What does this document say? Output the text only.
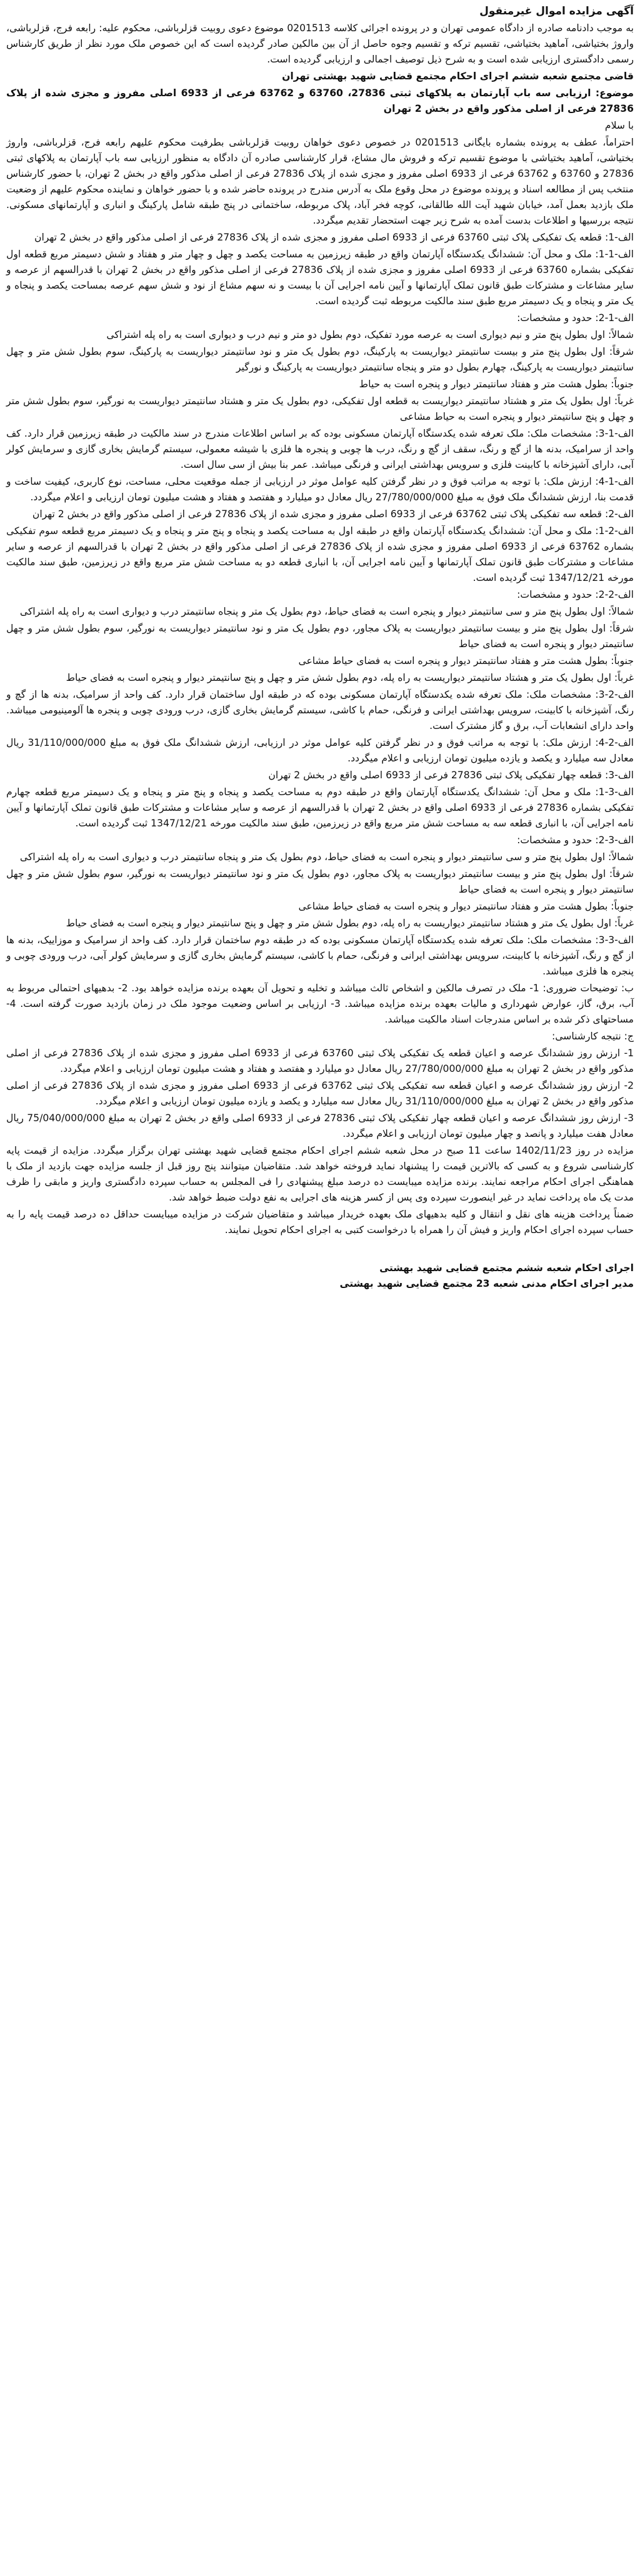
آگهی مزایده اموال غیرمنقول
به موجب دادنامه صادره از دادگاه عمومی تهران و در پرونده اجرائی کلاسه 0201513 موضوع دعوی روبیت قزلرباشی، محکوم علیه: رابعه فرج، قزلرباشی، واروژ بختیاشی، آماهید بختیاشی، تقسیم ترکه و تقسیم وجوه حاصل از آن بین مالکین صادر گردیده است که این خصوص ملک مورد نظر از طریق کارشناس رسمی دادگستری ارزیابی شده است و به شرح ذیل توصیف اجمالی و ارزیابی گردیده است.
قاضی مجتمع شعبه ششم اجرای احکام مجتمع قضایی شهید بهشتی تهران
موضوع: ارزیابی سه باب آپارتمان به پلاکهای ثبتی 27836، 63760 و 63762 فرعی از 6933 اصلی مفروز و مجزی شده از پلاک 27836 فرعی از اصلی مذکور واقع در بخش 2 تهران
با سلام
احتراماً، عطف به پرونده بشماره بایگانی 0201513 در خصوص دعوی خواهان روبیت قزلرباشی بطرفیت محکوم علیهم رابعه فرج، قزلرباشی، واروژ بختیاشی، آماهید بختیاشی با موضوع تقسیم ترکه و فروش مال مشاع، قرار کارشناسی صادره آن دادگاه به منظور ارزیابی سه باب آپارتمان به پلاکهای ثبتی 27836 و 63760 و 63762 فرعی از 6933 اصلی مفروز و مجزی شده از پلاک 27836 فرعی از اصلی مذکور واقع در بخش 2 تهران، با حضور کارشناس منتخب پس از مطالعه اسناد و پرونده موضوع در محل وقوع ملک به آدرس مندرج در پرونده حاضر شده و با حضور خواهان و نماینده محکوم علیهم از وضعیت ملک بازدید بعمل آمد، خیابان شهید آیت الله طالقانی، کوچه فخر آباد، پلاک مربوطه، ساختمانی در پنج طبقه شامل پارکینگ و انباری و آپارتمانهای مسکونی. نتیجه بررسیها و اطلاعات بدست آمده به شرح زیر جهت استحضار تقدیم میگردد.
الف-1: قطعه یک تفکیکی پلاک ثبتی 63760 فرعی از 6933 اصلی مفروز و مجزی شده از پلاک 27836 فرعی از اصلی مذکور واقع در بخش 2 تهران
الف-1-1: ملک و محل آن: ششدانگ یکدستگاه آپارتمان واقع در طبقه زیرزمین به مساحت یکصد و چهل و چهار متر و هفتاد و شش دسیمتر مربع قطعه اول تفکیکی بشماره 63760 فرعی از 6933 اصلی مفروز و مجزی شده از پلاک 27836 فرعی از اصلی مذکور واقع در بخش 2 تهران با قدرالسهم از عرصه و سایر مشاعات و مشترکات طبق قانون تملک آپارتمانها و آیین نامه اجرایی آن با بیست و نه سهم مشاع از نود و شش سهم عرصه بمساحت یکصد و پنجاه و یک متر و پنجاه و یک دسیمتر مربع طبق سند مالکیت مربوطه ثبت گردیده است.
الف-1-2: حدود و مشخصات:
شمالاً: اول بطول پنج متر و نیم دیواری است به عرصه مورد تفکیک، دوم بطول دو متر و نیم درب و دیواری است به راه پله اشتراکی
شرقاً: اول بطول پنج متر و بیست سانتیمتر دیواریست به پارکینگ، دوم بطول یک متر و نود سانتیمتر دیواریست به پارکینگ، سوم بطول شش متر و چهل سانتیمتر دیواریست به پارکینگ، چهارم بطول دو متر و پنجاه سانتیمتر دیواریست به پارکینگ و نورگیر
جنوباً: بطول هشت متر و هفتاد سانتیمتر دیوار و پنجره است به حیاط
غرباً: اول بطول یک متر و هشتاد سانتیمتر دیواریست به قطعه اول تفکیکی، دوم بطول یک متر و هشتاد سانتیمتر دیواریست به نورگیر، سوم بطول شش متر و چهل و پنج سانتیمتر دیوار و پنجره است به حیاط مشاعی
الف-1-3: مشخصات ملک: ملک تعرفه شده یکدستگاه آپارتمان مسکونی بوده که بر اساس اطلاعات مندرج در سند مالکیت در طبقه زیرزمین قرار دارد. کف واحد از سرامیک، بدنه ها از گچ و رنگ، سقف از گچ و رنگ، درب ها چوبی و پنجره ها فلزی با شیشه معمولی، سیستم گرمایش بخاری گازی و سرمایش کولر آبی، دارای آشپزخانه با کابینت فلزی و سرویس بهداشتی ایرانی و فرنگی میباشد. عمر بنا بیش از سی سال است.
الف-1-4: ارزش ملک: با توجه به مراتب فوق و در نظر گرفتن کلیه عوامل موثر در ارزیابی از جمله موقعیت محلی، مساحت، نوع کاربری، کیفیت ساخت و قدمت بنا، ارزش ششدانگ ملک فوق به مبلغ 27/780/000/000 ریال معادل دو میلیارد و هفتصد و هفتاد و هشت میلیون تومان ارزیابی و اعلام میگردد.
الف-2: قطعه سه تفکیکی پلاک ثبتی 63762 فرعی از 6933 اصلی مفروز و مجزی شده از پلاک 27836 فرعی از اصلی مذکور واقع در بخش 2 تهران
الف-2-1: ملک و محل آن: ششدانگ یکدستگاه آپارتمان واقع در طبقه اول به مساحت یکصد و پنجاه و پنج متر و پنجاه و یک دسیمتر مربع قطعه سوم تفکیکی بشماره 63762 فرعی از 6933 اصلی مفروز و مجزی شده از پلاک 27836 فرعی از اصلی مذکور واقع در بخش 2 تهران با قدرالسهم از عرصه و سایر مشاعات و مشترکات طبق قانون تملک آپارتمانها و آیین نامه اجرایی آن، با انباری قطعه دو به مساحت شش متر مربع واقع در زیرزمین، طبق سند مالکیت مورخه 1347/12/21 ثبت گردیده است.
الف-2-2: حدود و مشخصات:
شمالاً: اول بطول پنج متر و سی سانتیمتر دیوار و پنجره است به فضای حیاط، دوم بطول یک متر و پنجاه سانتیمتر درب و دیواری است به راه پله اشتراکی
شرقاً: اول بطول پنج متر و بیست سانتیمتر دیواریست به پلاک مجاور، دوم بطول یک متر و نود سانتیمتر دیواریست به نورگیر، سوم بطول شش متر و چهل سانتیمتر دیوار و پنجره است به فضای حیاط
جنوباً: بطول هشت متر و هفتاد سانتیمتر دیوار و پنجره است به فضای حیاط مشاعی
غرباً: اول بطول یک متر و هشتاد سانتیمتر دیواریست به راه پله، دوم بطول شش متر و چهل و پنج سانتیمتر دیوار و پنجره است به فضای حیاط
الف-2-3: مشخصات ملک: ملک تعرفه شده یکدستگاه آپارتمان مسکونی بوده که در طبقه اول ساختمان قرار دارد. کف واحد از سرامیک، بدنه ها از گچ و رنگ، آشپزخانه با کابینت، سرویس بهداشتی ایرانی و فرنگی، حمام با کاشی، سیستم گرمایش بخاری گازی، درب ورودی چوبی و پنجره ها آلومینیومی میباشد. واحد دارای انشعابات آب، برق و گاز مشترک است.
الف-2-4: ارزش ملک: با توجه به مراتب فوق و در نظر گرفتن کلیه عوامل موثر در ارزیابی، ارزش ششدانگ ملک فوق به مبلغ 31/110/000/000 ریال معادل سه میلیارد و یکصد و یازده میلیون تومان ارزیابی و اعلام میگردد.
الف-3: قطعه چهار تفکیکی پلاک ثبتی 27836 فرعی از 6933 اصلی واقع در بخش 2 تهران
الف-3-1: ملک و محل آن: ششدانگ یکدستگاه آپارتمان واقع در طبقه دوم به مساحت یکصد و پنجاه و پنج متر و پنجاه و یک دسیمتر مربع قطعه چهارم تفکیکی بشماره 27836 فرعی از 6933 اصلی واقع در بخش 2 تهران با قدرالسهم از عرصه و سایر مشاعات و مشترکات طبق قانون تملک آپارتمانها و آیین نامه اجرایی آن، با انباری قطعه سه به مساحت شش متر مربع واقع در زیرزمین، طبق سند مالکیت مورخه 1347/12/21 ثبت گردیده است.
الف-3-2: حدود و مشخصات:
شمالاً: اول بطول پنج متر و سی سانتیمتر دیوار و پنجره است به فضای حیاط، دوم بطول یک متر و پنجاه سانتیمتر درب و دیواری است به راه پله اشتراکی
شرقاً: اول بطول پنج متر و بیست سانتیمتر دیواریست به پلاک مجاور، دوم بطول یک متر و نود سانتیمتر دیواریست به نورگیر، سوم بطول شش متر و چهل سانتیمتر دیوار و پنجره است به فضای حیاط
جنوباً: بطول هشت متر و هفتاد سانتیمتر دیوار و پنجره است به فضای حیاط مشاعی
غرباً: اول بطول یک متر و هشتاد سانتیمتر دیواریست به راه پله، دوم بطول شش متر و چهل و پنج سانتیمتر دیوار و پنجره است به فضای حیاط
الف-3-3: مشخصات ملک: ملک تعرفه شده یکدستگاه آپارتمان مسکونی بوده که در طبقه دوم ساختمان قرار دارد. کف واحد از سرامیک و موزاییک، بدنه ها از گچ و رنگ، آشپزخانه با کابینت، سرویس بهداشتی ایرانی و فرنگی، حمام با کاشی، سیستم گرمایش بخاری گازی و سرمایش کولر آبی، درب ورودی چوبی و پنجره ها فلزی میباشد.
ب: توضیحات ضروری: 1- ملک در تصرف مالکین و اشخاص ثالث میباشد و تخلیه و تحویل آن بعهده برنده مزایده خواهد بود. 2- بدهیهای احتمالی مربوط به آب، برق، گاز، عوارض شهرداری و مالیات بعهده برنده مزایده میباشد. 3- ارزیابی بر اساس وضعیت موجود ملک در زمان بازدید صورت گرفته است. 4- مساحتهای ذکر شده بر اساس مندرجات اسناد مالکیت میباشد.
ج: نتیجه کارشناسی:
1- ارزش روز ششدانگ عرصه و اعیان قطعه یک تفکیکی پلاک ثبتی 63760 فرعی از 6933 اصلی مفروز و مجزی شده از پلاک 27836 فرعی از اصلی مذکور واقع در بخش 2 تهران به مبلغ 27/780/000/000 ریال معادل دو میلیارد و هفتصد و هفتاد و هشت میلیون تومان ارزیابی و اعلام میگردد.
2- ارزش روز ششدانگ عرصه و اعیان قطعه سه تفکیکی پلاک ثبتی 63762 فرعی از 6933 اصلی مفروز و مجزی شده از پلاک 27836 فرعی از اصلی مذکور واقع در بخش 2 تهران به مبلغ 31/110/000/000 ریال معادل سه میلیارد و یکصد و یازده میلیون تومان ارزیابی و اعلام میگردد.
3- ارزش روز ششدانگ عرصه و اعیان قطعه چهار تفکیکی پلاک ثبتی 27836 فرعی از 6933 اصلی واقع در بخش 2 تهران به مبلغ 75/040/000/000 ریال معادل هفت میلیارد و پانصد و چهار میلیون تومان ارزیابی و اعلام میگردد.
مزایده در روز 1402/11/23 ساعت 11 صبح در محل شعبه ششم اجرای احکام مجتمع قضایی شهید بهشتی تهران برگزار میگردد. مزایده از قیمت پایه کارشناسی شروع و به کسی که بالاترین قیمت را پیشنهاد نماید فروخته خواهد شد. متقاضیان میتوانند پنج روز قبل از جلسه مزایده جهت بازدید از ملک با هماهنگی اجرای احکام مراجعه نمایند. برنده مزایده میبایست ده درصد مبلغ پیشنهادی را فی المجلس به حساب سپرده دادگستری واریز و مابقی را ظرف مدت یک ماه پرداخت نماید در غیر اینصورت سپرده وی پس از کسر هزینه های اجرایی به نفع دولت ضبط خواهد شد.
ضمناً پرداخت هزینه های نقل و انتقال و کلیه بدهیهای ملک بعهده خریدار میباشد و متقاضیان شرکت در مزایده میبایست حداقل ده درصد قیمت پایه را به حساب سپرده اجرای احکام واریز و فیش آن را همراه با درخواست کتبی به اجرای احکام تحویل نمایند.
اجرای احکام شعبه ششم مجتمع قضایی شهید بهشتی
مدیر اجرای احکام مدنی شعبه 23 مجتمع قضایی شهید بهشتی
